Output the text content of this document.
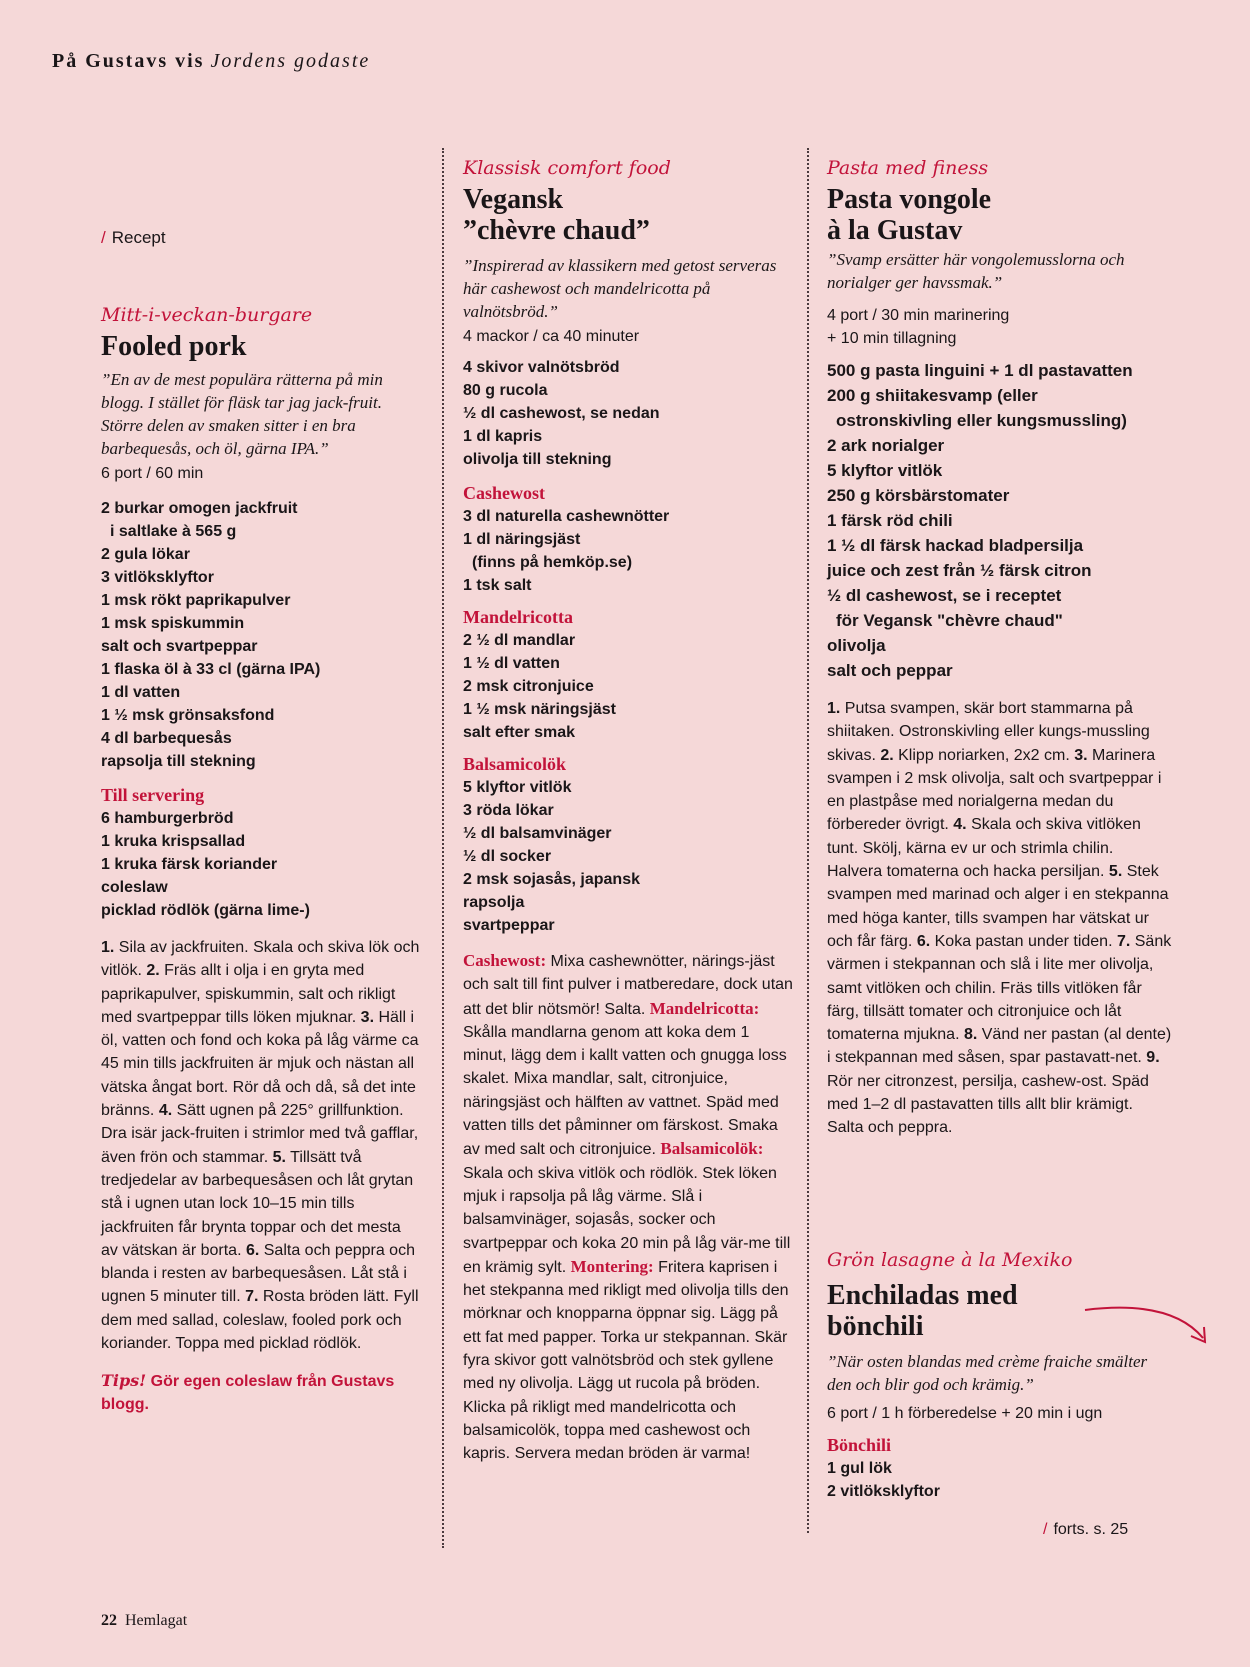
På Gustavs vis Jordens godaste
/ Recept
Mitt-i-veckan-burgare
Fooled pork
”En av de mest populära rätterna på min blogg. I stället för fläsk tar jag jack-fruit. Större delen av smaken sitter i en bra barbequesås, och öl, gärna IPA.”
6 port / 60 min
2 burkar omogen jackfruit
i saltlake à 565 g
2 gula lökar
3 vitlöksklyftor
1 msk rökt paprikapulver
1 msk spiskummin
salt och svartpeppar
1 flaska öl à 33 cl (gärna IPA)
1 dl vatten
1 ½ msk grönsaksfond
4 dl barbequesås
rapsolja till stekning
Till servering
6 hamburgerbröd
1 kruka krispsallad
1 kruka färsk koriander
coleslaw
picklad rödlök (gärna lime-)
1. Sila av jackfruiten. Skala och skiva lök och vitlök. 2. Fräs allt i olja i en gryta med paprikapulver, spiskummin, salt och rikligt med svartpeppar tills löken mjuknar. 3. Häll i öl, vatten och fond och koka på låg värme ca 45 min tills jackfruiten är mjuk och nästan all vätska ångat bort. Rör då och då, så det inte bränns. 4. Sätt ugnen på 225° grillfunktion. Dra isär jack-fruiten i strimlor med två gafflar, även frön och stammar. 5. Tillsätt två tredjedelar av barbequesåsen och låt grytan stå i ugnen utan lock 10–15 min tills jackfruiten får brynta toppar och det mesta av vätskan är borta. 6. Salta och peppra och blanda i resten av barbequesåsen. Låt stå i ugnen 5 minuter till. 7. Rosta bröden lätt. Fyll dem med sallad, coleslaw, fooled pork och koriander. Toppa med picklad rödlök.
Tips! Gör egen coleslaw från Gustavs blogg.
Klassisk comfort food
Vegansk
”chèvre chaud”
”Inspirerad av klassikern med getost serveras här cashewost och mandelricotta på valnötsbröd.”
4 mackor / ca 40 minuter
4 skivor valnötsbröd
80 g rucola
½ dl cashewost, se nedan
1 dl kapris
olivolja till stekning
Cashewost
3 dl naturella cashewnötter
1 dl näringsjäst
(finns på hemköp.se)
1 tsk salt
Mandelricotta
2 ½ dl mandlar
1 ½ dl vatten
2 msk citronjuice
1 ½ msk näringsjäst
salt efter smak
Balsamicolök
5 klyftor vitlök
3 röda lökar
½ dl balsamvinäger
½ dl socker
2 msk sojasås, japansk
rapsolja
svartpeppar
Cashewost: Mixa cashewnötter, närings-jäst och salt till fint pulver i matberedare, dock utan att det blir nötsmör! Salta. Mandelricotta: Skålla mandlarna genom att koka dem 1 minut, lägg dem i kallt vatten och gnugga loss skalet. Mixa mandlar, salt, citronjuice, näringsjäst och hälften av vattnet. Späd med vatten tills det påminner om färskost. Smaka av med salt och citronjuice. Balsamicolök: Skala och skiva vitlök och rödlök. Stek löken mjuk i rapsolja på låg värme. Slå i balsamvinäger, sojasås, socker och svartpeppar och koka 20 min på låg vär-me till en krämig sylt. Montering: Fritera kaprisen i het stekpanna med rikligt med olivolja tills den mörknar och knopparna öppnar sig. Lägg på ett fat med papper. Torka ur stekpannan. Skär fyra skivor gott valnötsbröd och stek gyllene med ny olivolja. Lägg ut rucola på bröden. Klicka på rikligt med mandelricotta och balsamicolök, toppa med cashewost och kapris. Servera medan bröden är varma!
Pasta med finess
Pasta vongole
à la Gustav
”Svamp ersätter här vongolemusslorna och norialger ger havssmak.”
4 port / 30 min marinering
+ 10 min tillagning
500 g pasta linguini + 1 dl pastavatten
200 g shiitakesvamp (eller
ostronskivling eller kungsmussling)
2 ark norialger
5 klyftor vitlök
250 g körsbärstomater
1 färsk röd chili
1 ½ dl färsk hackad bladpersilja
juice och zest från ½ färsk citron
½ dl cashewost, se i receptet
för Vegansk "chèvre chaud"
olivolja
salt och peppar
1. Putsa svampen, skär bort stammarna på shiitaken. Ostronskivling eller kungs-mussling skivas. 2. Klipp noriarken, 2x2 cm. 3. Marinera svampen i 2 msk olivolja, salt och svartpeppar i en plastpåse med norialgerna medan du förbereder övrigt. 4. Skala och skiva vitlöken tunt. Skölj, kärna ev ur och strimla chilin. Halvera tomaterna och hacka persiljan. 5. Stek svampen med marinad och alger i en stekpanna med höga kanter, tills svampen har vätskat ur och får färg. 6. Koka pastan under tiden. 7. Sänk värmen i stekpannan och slå i lite mer olivolja, samt vitlöken och chilin. Fräs tills vitlöken får färg, tillsätt tomater och citronjuice och låt tomaterna mjukna. 8. Vänd ner pastan (al dente) i stekpannan med såsen, spar pastavatt-net. 9. Rör ner citronzest, persilja, cashew-ost. Späd med 1–2 dl pastavatten tills allt blir krämigt. Salta och peppra.
Grön lasagne à la Mexiko
Enchiladas med
bönchili
”När osten blandas med crème fraiche smälter den och blir god och krämig.”
6 port / 1 h förberedelse + 20 min i ugn
Bönchili
1 gul lök
2 vitlöksklyftor
/ forts. s. 25
22 Hemlagat
